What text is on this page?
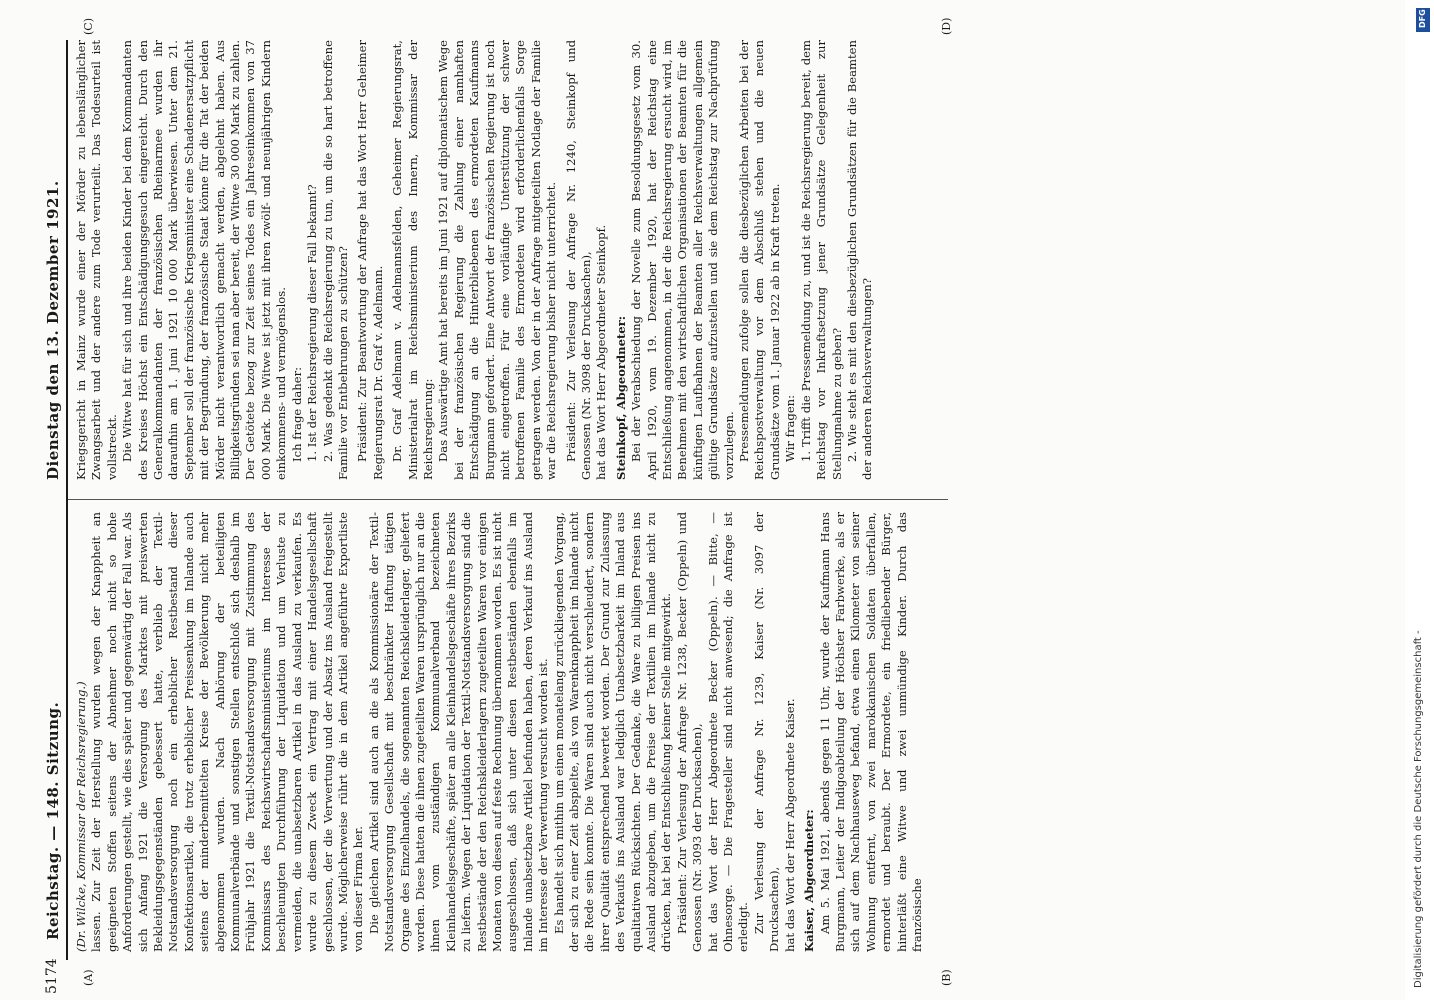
5174
Reichstag. — 148. Sitzung.
Dienstag den 13. Dezember 1921.
(A)	(B)
(C)	(D)

(Dr. Wilcke, Kommissar der Reichsregierung.) lassen. Zur Zeit der Herstellung wurden wegen der Knappheit an geeigneten Stoffen seitens der Abnehmer noch nicht so hohe Anforderungen gestellt, wie dies später und gegenwärtig der Fall war. Als sich Anfang 1921 die Versorgung des Marktes mit preiswerten Bekleidungsgegenständen gebessert hatte, verblieb der Textil-Notstandsversorgung noch ein erheblicher Restbestand dieser Konfektionsartikel, die trotz erheblicher Preissenkung im Inlande auch seitens der minderbemittelten Kreise der Bevölkerung nicht mehr abgenommen wurden. Nach Anhörung der beteiligten Kommunalverbände und sonstigen Stellen entschloß sich deshalb im Frühjahr 1921 die Textil-Notstandsversorgung mit Zustimmung des Kommissars des Reichswirtschaftsministeriums im Interesse der beschleunigten Durchführung der Liquidation und um Verluste zu vermeiden, die unabsetzbaren Artikel in das Ausland zu verkaufen. Es wurde zu diesem Zweck ein Vertrag mit einer Handelsgesellschaft geschlossen, der die Verwertung und der Absatz ins Ausland freigestellt wurde. Möglicherweise rührt die in dem Artikel angeführte Exportliste von dieser Firma her. Die gleichen Artikel sind auch an die als Kommissionäre der Textil-Notstandsversorgung Gesellschaft mit beschränkter Haftung tätigen Organe des Einzelhandels, die sogenannten Reichskleiderlager, geliefert worden. Diese hatten die ihnen zugeteilten Waren ursprünglich nur an die ihnen vom zuständigen Kommunalverband bezeichneten Kleinhandelsgeschäfte, später an alle Kleinhandelsgeschäfte ihres Bezirks zu liefern. Wegen der Liquidation der Textil-Notstandsversorgung sind die Restbestände der den Reichskleiderlagern zugeteilten Waren vor einigen Monaten von diesen auf feste Rechnung übernommen worden. Es ist nicht ausgeschlossen, daß sich unter diesen Restbeständen ebenfalls im Inlande unabsetzbare Artikel befunden haben, deren Verkauf ins Ausland im Interesse der Verwertung versucht worden ist. Es handelt sich mithin um einen monatelang zurückliegenden Vorgang, der sich zu einer Zeit abspielte, als von Warenknappheit im Inlande nicht die Rede sein konnte. Die Waren sind auch nicht verschleudert, sondern ihrer Qualität entsprechend bewertet worden. Der Grund zur Zulassung des Verkaufs ins Ausland war lediglich Unabsetzbarkeit im Inland aus qualitativen Rücksichten. Der Gedanke, die Ware zu billigen Preisen ins Ausland abzugeben, um die Preise der Textilien im Inlande nicht zu drücken, hat bei der Entschließung keiner Stelle mitgewirkt. Präsident: Zur Verlesung der Anfrage Nr. 1238, Becker (Oppeln) und Genossen (Nr. 3093 der Drucksachen), hat das Wort der Herr Abgeordnete Becker (Oppeln). — Bitte, — Ohnesorge. — Die Fragesteller sind nicht anwesend; die Anfrage ist erledigt. Zur Verlesung der Anfrage Nr. 1239, Kaiser (Nr. 3097 der Drucksachen), hat das Wort der Herr Abgeordnete Kaiser. Kaiser, Abgeordneter: Am 5. Mai 1921, abends gegen 11 Uhr, wurde der Kaufmann Hans Burgmann, Leiter der Indigoabteilung der Höchster Farbwerke, als er sich auf dem Nachhauseweg befand, etwa einen Kilometer von seiner Wohnung entfernt, von zwei marokkanischen Soldaten überfallen, ermordet und beraubt. Der Ermordete, ein friedliebender Bürger, hinterläßt eine Witwe und zwei unmündige Kinder. Durch das französische

Kriegsgericht in Mainz wurde einer der Mörder zu lebenslänglicher Zwangsarbeit und der andere zum Tode verurteilt. Das Todesurteil ist vollstreckt. Die Witwe hat für sich und ihre beiden Kinder bei dem Kommandanten des Kreises Höchst ein Entschädigungsgesuch eingereicht. Durch den Generalkommandanten der französischen Rheinarmee wurden ihr daraufhin am 1. Juni 1921 10 000 Mark überwiesen. Unter dem 21. September soll der französische Kriegsminister eine Schadenersatzpflicht mit der Begründung, der französische Staat könne für die Tat der beiden Mörder nicht verantwortlich gemacht werden, abgelehnt haben. Aus Billigkeitsgründen sei man aber bereit, der Witwe 30 000 Mark zu zahlen. Der Getötete bezog zur Zeit seines Todes ein Jahreseinkommen von 37 000 Mark. Die Witwe ist jetzt mit ihren zwölf- und neunjährigen Kindern einkommens- und vermögenslos. Ich frage daher: 1. Ist der Reichsregierung dieser Fall bekannt? 2. Was gedenkt die Reichsregierung zu tun, um die so hart betroffene Familie vor Entbehrungen zu schützen? Präsident: Zur Beantwortung der Anfrage hat das Wort Herr Geheimer Regierungsrat Dr. Graf v. Adelmann. Dr. Graf Adelmann v. Adelmannsfelden, Geheimer Regierungsrat, Ministerialrat im Reichsministerium des Innern, Kommissar der Reichsregierung: Das Auswärtige Amt hat bereits im Juni 1921 auf diplomatischem Wege bei der französischen Regierung die Zahlung einer namhaften Entschädigung an die Hinterbliebenen des ermordeten Kaufmanns Burgmann gefordert. Eine Antwort der französischen Regierung ist noch nicht eingetroffen. Für eine vorläufige Unterstützung der schwer betroffenen Familie des Ermordeten wird erforderlichenfalls Sorge getragen werden. Von der in der Anfrage mitgeteilten Notlage der Familie war die Reichsregierung bisher nicht unterrichtet. Präsident: Zur Verlesung der Anfrage Nr. 1240, Steinkopf und Genossen (Nr. 3098 der Drucksachen), hat das Wort Herr Abgeordneter Steinkopf. Steinkopf, Abgeordneter: Bei der Verabschiedung der Novelle zum Besoldungsgesetz vom 30. April 1920, vom 19. Dezember 1920, hat der Reichstag eine Entschließung angenommen, in der die Reichsregierung ersucht wird, im Benehmen mit den wirtschaftlichen Organisationen der Beamten für die künftigen Laufbahnen der Beamten aller Reichsverwaltungen allgemein gültige Grundsätze aufzustellen und sie dem Reichstag zur Nachprüfung vorzulegen. Pressemeldungen zufolge sollen die diesbezüglichen Arbeiten bei der Reichspostverwaltung vor dem Abschluß stehen und die neuen Grundsätze vom 1. Januar 1922 ab in Kraft treten. Wir fragen: 1. Trifft die Pressemeldung zu, und ist die Reichsregierung bereit, dem Reichstag vor Inkraftsetzung jener Grundsätze Gelegenheit zur Stellungnahme zu geben? 2. Wie steht es mit den diesbezüglichen Grundsätzen für die Beamten der anderen Reichsverwaltungen?

Digitalisierung gefördert durch die Deutsche Forschungsgemeinschaft -
DFG
